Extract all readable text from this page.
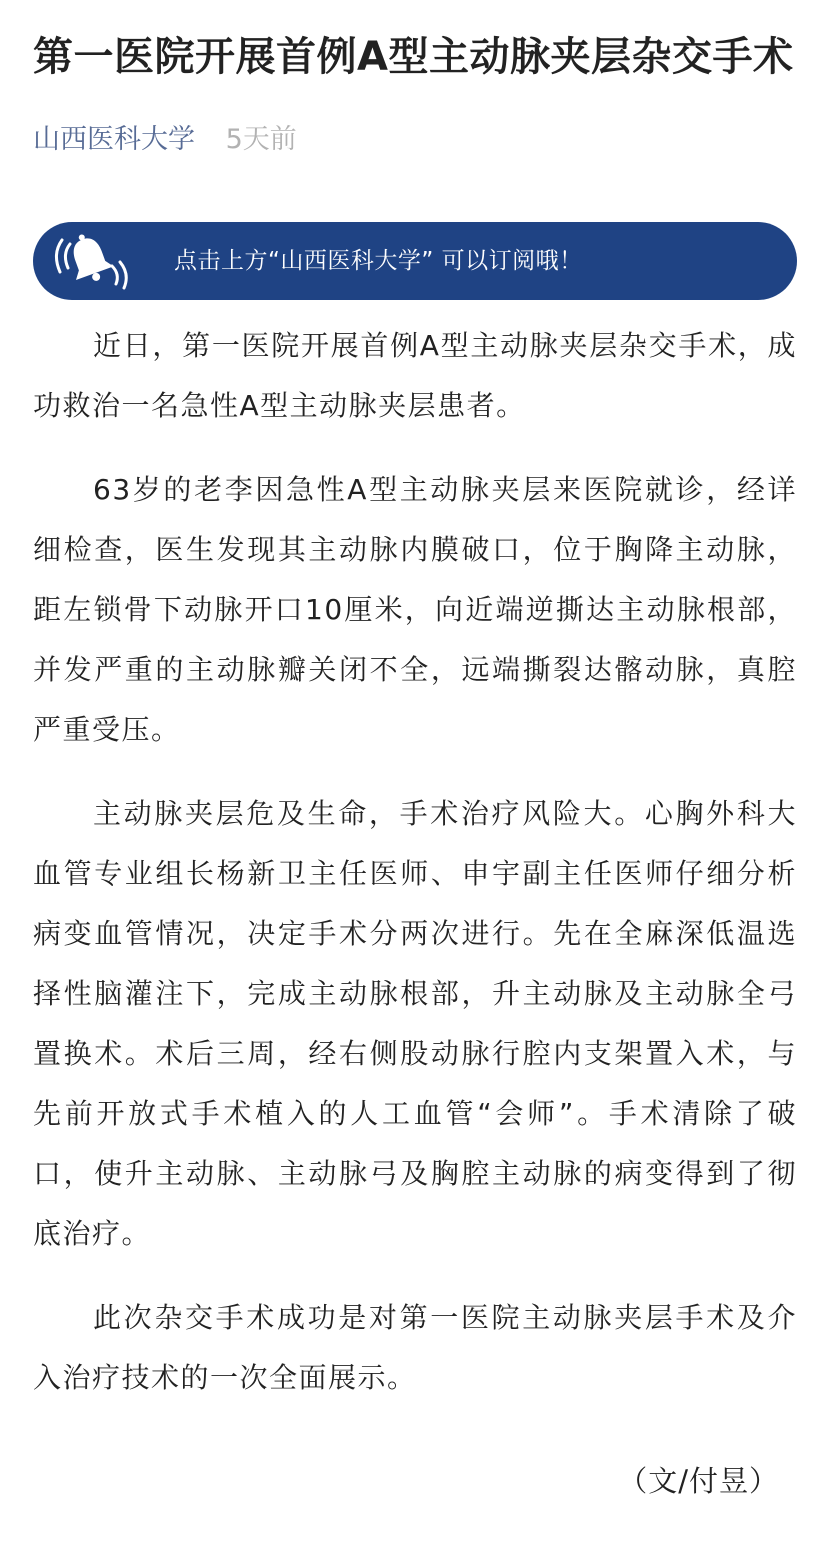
第一医院开展首例A型主动脉夹层杂交手术
山西医科大学 5天前
点击上方“山西医科大学” 可以订阅哦！

近日，第一医院开展首例A型主动脉夹层杂交手术，成功救治一名急性A型主动脉夹层患者。

63岁的老李因急性A型主动脉夹层来医院就诊，经详细检查，医生发现其主动脉内膜破口，位于胸降主动脉，距左锁骨下动脉开口10厘米，向近端逆撕达主动脉根部，并发严重的主动脉瓣关闭不全，远端撕裂达髂动脉，真腔严重受压。

主动脉夹层危及生命，手术治疗风险大。心胸外科大血管专业组长杨新卫主任医师、申宇副主任医师仔细分析病变血管情况，决定手术分两次进行。先在全麻深低温选择性脑灌注下，完成主动脉根部，升主动脉及主动脉全弓置换术。术后三周，经右侧股动脉行腔内支架置入术，与先前开放式手术植入的人工血管“会师”。手术清除了破口，使升主动脉、主动脉弓及胸腔主动脉的病变得到了彻底治疗。

此次杂交手术成功是对第一医院主动脉夹层手术及介入治疗技术的一次全面展示。

（文/付昱）
